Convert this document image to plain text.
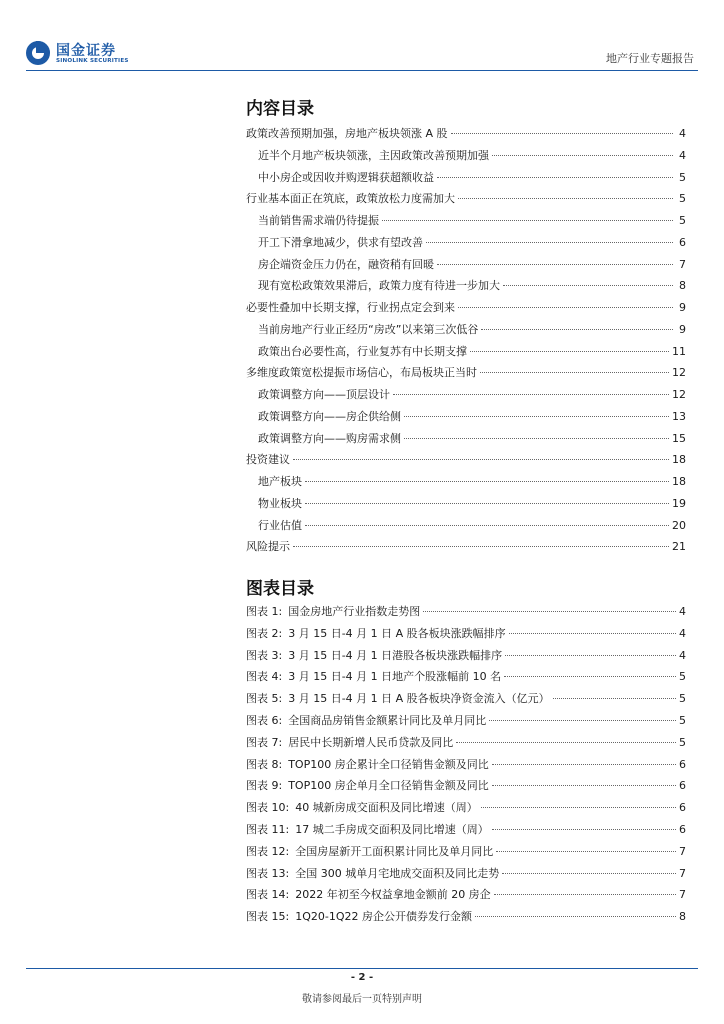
国金证券
SINOLINK SECURITIES	地产行业专题报告
内容目录
政策改善预期加强，房地产板块领涨 A 股	4
近半个月地产板块领涨，主因政策改善预期加强	4
中小房企或因收并购逻辑获超额收益	5
行业基本面正在筑底，政策放松力度需加大	5
当前销售需求端仍待提振	5
开工下滑拿地减少，供求有望改善	6
房企端资金压力仍在，融资稍有回暖	7
现有宽松政策效果滞后，政策力度有待进一步加大	8
必要性叠加中长期支撑，行业拐点定会到来	9
当前房地产行业正经历“房改”以来第三次低谷	9
政策出台必要性高，行业复苏有中长期支撑	11
多维度政策宽松提振市场信心，布局板块正当时	12
政策调整方向——顶层设计	12
政策调整方向——房企供给侧	13
政策调整方向——购房需求侧	15
投资建议	18
地产板块	18
物业板块	19
行业估值	20
风险提示	21
图表目录
图表 1: 国金房地产行业指数走势图	4
图表 2: 3 月 15 日-4 月 1 日 A 股各板块涨跌幅排序	4
图表 3: 3 月 15 日-4 月 1 日港股各板块涨跌幅排序	4
图表 4: 3 月 15 日-4 月 1 日地产个股涨幅前 10 名	5
图表 5: 3 月 15 日-4 月 1 日 A 股各板块净资金流入（亿元）	5
图表 6: 全国商品房销售金额累计同比及单月同比	5
图表 7: 居民中长期新增人民币贷款及同比	5
图表 8: TOP100 房企累计全口径销售金额及同比	6
图表 9: TOP100 房企单月全口径销售金额及同比	6
图表 10: 40 城新房成交面积及同比增速（周）	6
图表 11: 17 城二手房成交面积及同比增速（周）	6
图表 12: 全国房屋新开工面积累计同比及单月同比	7
图表 13: 全国 300 城单月宅地成交面积及同比走势	7
图表 14: 2022 年初至今权益拿地金额前 20 房企	7
图表 15: 1Q20-1Q22 房企公开债券发行金额	8
- 2 -
敬请参阅最后一页特别声明
